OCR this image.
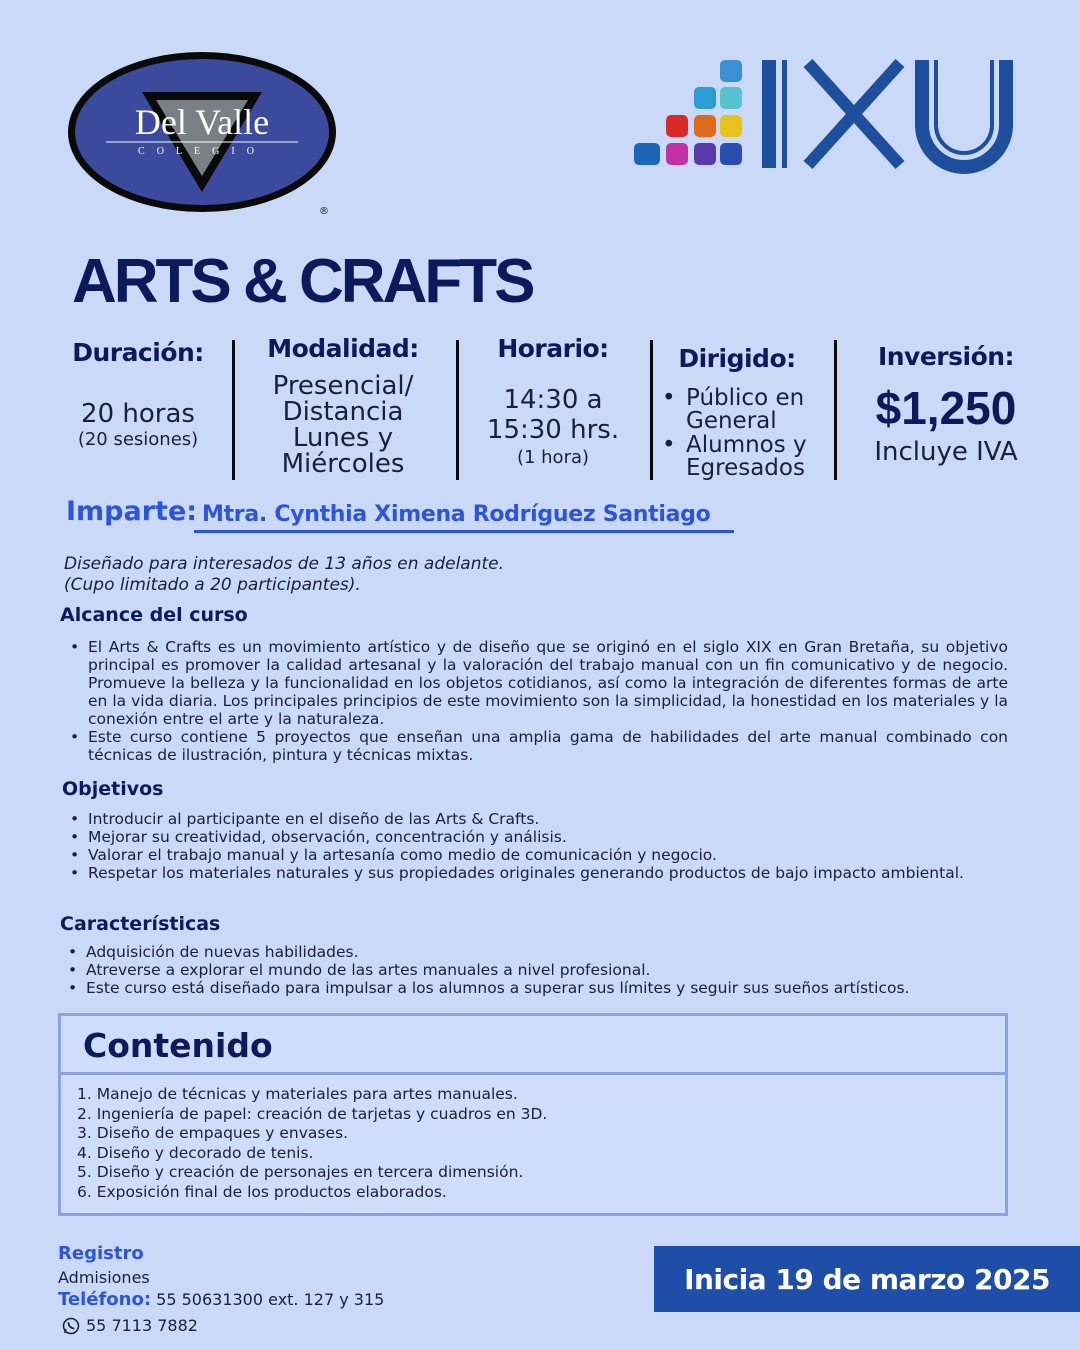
Del Valle
COLEGIO
®
ARTS & CRAFTS
Duración:
20 horas
(20 sesiones)
Modalidad:
Presencial/
Distancia
Lunes y
Miércoles
Horario:
14:30 a
15:30 hrs.
(1 hora)
Dirigido:
• Público en General
• Alumnos y Egresados
Inversión:
$1,250
Incluye IVA
Imparte: Mtra. Cynthia Ximena Rodríguez Santiago
Diseñado para interesados de 13 años en adelante.
(Cupo limitado a 20 participantes).
Alcance del curso
• El Arts & Crafts es un movimiento artístico y de diseño que se originó en el siglo XIX en Gran Bretaña, su objetivo principal es promover la calidad artesanal y la valoración del trabajo manual con un fin comunicativo y de negocio. Promueve la belleza y la funcionalidad en los objetos cotidianos, así como la integración de diferentes formas de arte en la vida diaria. Los principales principios de este movimiento son la simplicidad, la honestidad en los materiales y la conexión entre el arte y la naturaleza.
• Este curso contiene 5 proyectos que enseñan una amplia gama de habilidades del arte manual combinado con técnicas de ilustración, pintura y técnicas mixtas.
Objetivos
• Introducir al participante en el diseño de las Arts & Crafts.
• Mejorar su creatividad, observación, concentración y análisis.
• Valorar el trabajo manual y la artesanía como medio de comunicación y negocio.
• Respetar los materiales naturales y sus propiedades originales generando productos de bajo impacto ambiental.
Características
• Adquisición de nuevas habilidades.
• Atreverse a explorar el mundo de las artes manuales a nivel profesional.
• Este curso está diseñado para impulsar a los alumnos a superar sus límites y seguir sus sueños artísticos.
Contenido
1. Manejo de técnicas y materiales para artes manuales.
2. Ingeniería de papel: creación de tarjetas y cuadros en 3D.
3. Diseño de empaques y envases.
4. Diseño y decorado de tenis.
5. Diseño y creación de personajes en tercera dimensión.
6. Exposición final de los productos elaborados.
Registro
Admisiones
Teléfono: 55 50631300 ext. 127 y 315
55 7113 7882
Inicia 19 de marzo 2025
